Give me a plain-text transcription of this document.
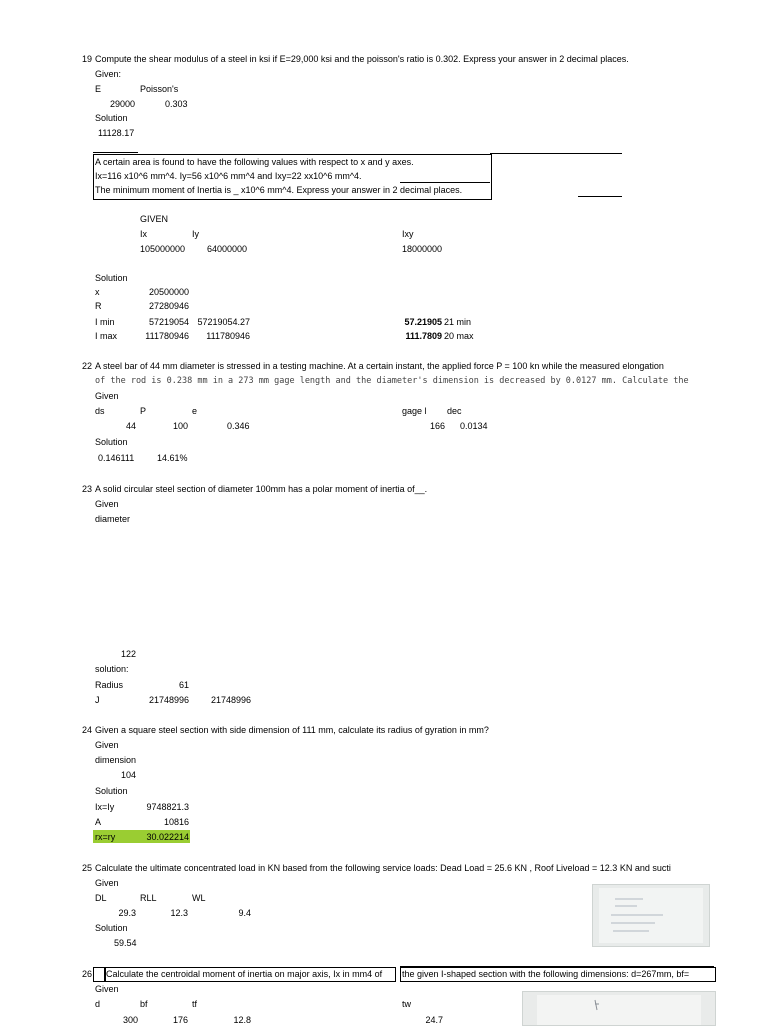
19 Compute the shear modulus of a steel in ksi if E=29,000 ksi and the poisson's ratio is 0.302. Express your answer in 2 decimal places.
Given:
E	Poisson's
29000	0.303
Solution
11128.17
A certain area is found to have the following values with respect to x and y axes.
Ix=116 x10^6 mm^4. Iy=56 x10^6 mm^4 and Ixy=22 xx10^6 mm^4.
The minimum moment of Inertia is _ x10^6 mm^4. Express your answer in 2 decimal places.
GIVEN
Ix	Iy	Ixy
105000000 64000000	18000000
Solution
x	20500000
R	27280946
I min	57219054 57219054.27	57.21905 21 min
I max	111780946	111780946	111.7809 20 max
22 A steel bar of 44 mm diameter is stressed in a testing machine. At a certain instant, the applied force P = 100 kn while the measured elongation
of the rod is 0.238 mm in a 273 mm gage length and the diameter's dimension is decreased by 0.0127 mm. Calculate the
Given
ds	P	e	gage l dec
44	100	0.346	166 0.0134
Solution
0.146111	14.61%
23 A solid circular steel section of diameter 100mm has a polar moment of inertia of__.
Given
diameter
122
solution:
Radius	61
J	21748996	21748996
24 Given a square steel section with side dimension of 111 mm, calculate its radius of gyration in mm?
Given
dimension
104
Solution
Ix=Iy	9748821.3
A	10816
rx=ry	30.022214
25 Calculate the ultimate concentrated load in KN based from the following service loads: Dead Load = 25.6 KN , Roof Liveload = 12.3 KN and sucti
Given
DL	RLL	WL
29.3	12.3	9.4
Solution
59.54
26 Calculate the centroidal moment of inertia on major axis, Ix in mm4 of the given I-shaped section with the following dimensions: d=267mm, bf=
Given
d	bf	tf	tw
300	176	12.8	24.7
